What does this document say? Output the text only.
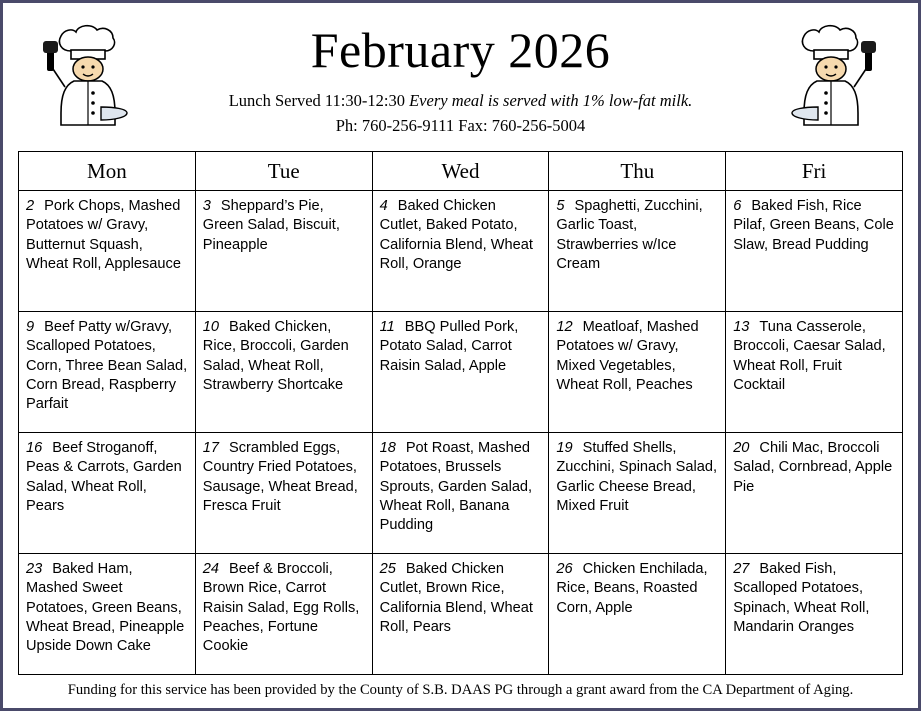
February 2026
Lunch Served 11:30-12:30 Every meal is served with 1% low-fat milk.
Ph: 760-256-9111 Fax: 760-256-5004
Mon	Tue	Wed	Thu	Fri
2 Pork Chops, Mashed Potatoes w/ Gravy, Butternut Squash, Wheat Roll, Applesauce	3 Sheppard’s Pie, Green Salad, Biscuit, Pineapple	4 Baked Chicken Cutlet, Baked Potato, California Blend, Wheat Roll, Orange	5 Spaghetti, Zucchini, Garlic Toast, Strawberries w/Ice Cream	6 Baked Fish, Rice Pilaf, Green Beans, Cole Slaw, Bread Pudding
9 Beef Patty w/Gravy, Scalloped Potatoes, Corn, Three Bean Salad, Corn Bread, Raspberry Parfait	10 Baked Chicken, Rice, Broccoli, Garden Salad, Wheat Roll, Strawberry Shortcake	11 BBQ Pulled Pork, Potato Salad, Carrot Raisin Salad, Apple	12 Meatloaf, Mashed Potatoes w/ Gravy, Mixed Vegetables, Wheat Roll, Peaches	13 Tuna Casserole, Broccoli, Caesar Salad, Wheat Roll, Fruit Cocktail
16 Beef Stroganoff, Peas & Carrots, Garden Salad, Wheat Roll, Pears	17 Scrambled Eggs, Country Fried Potatoes, Sausage, Wheat Bread, Fresca Fruit	18 Pot Roast, Mashed Potatoes, Brussels Sprouts, Garden Salad, Wheat Roll, Banana Pudding	19 Stuffed Shells, Zucchini, Spinach Salad, Garlic Cheese Bread, Mixed Fruit	20 Chili Mac, Broccoli Salad, Cornbread, Apple Pie
23 Baked Ham, Mashed Sweet Potatoes, Green Beans, Wheat Bread, Pineapple Upside Down Cake	24 Beef & Broccoli, Brown Rice, Carrot Raisin Salad, Egg Rolls, Peaches, Fortune Cookie	25 Baked Chicken Cutlet, Brown Rice, California Blend, Wheat Roll, Pears	26 Chicken Enchilada, Rice, Beans, Roasted Corn, Apple	27 Baked Fish, Scalloped Potatoes, Spinach, Wheat Roll, Mandarin Oranges
Funding for this service has been provided by the County of S.B. DAAS PG through a grant award from the CA Department of Aging.
